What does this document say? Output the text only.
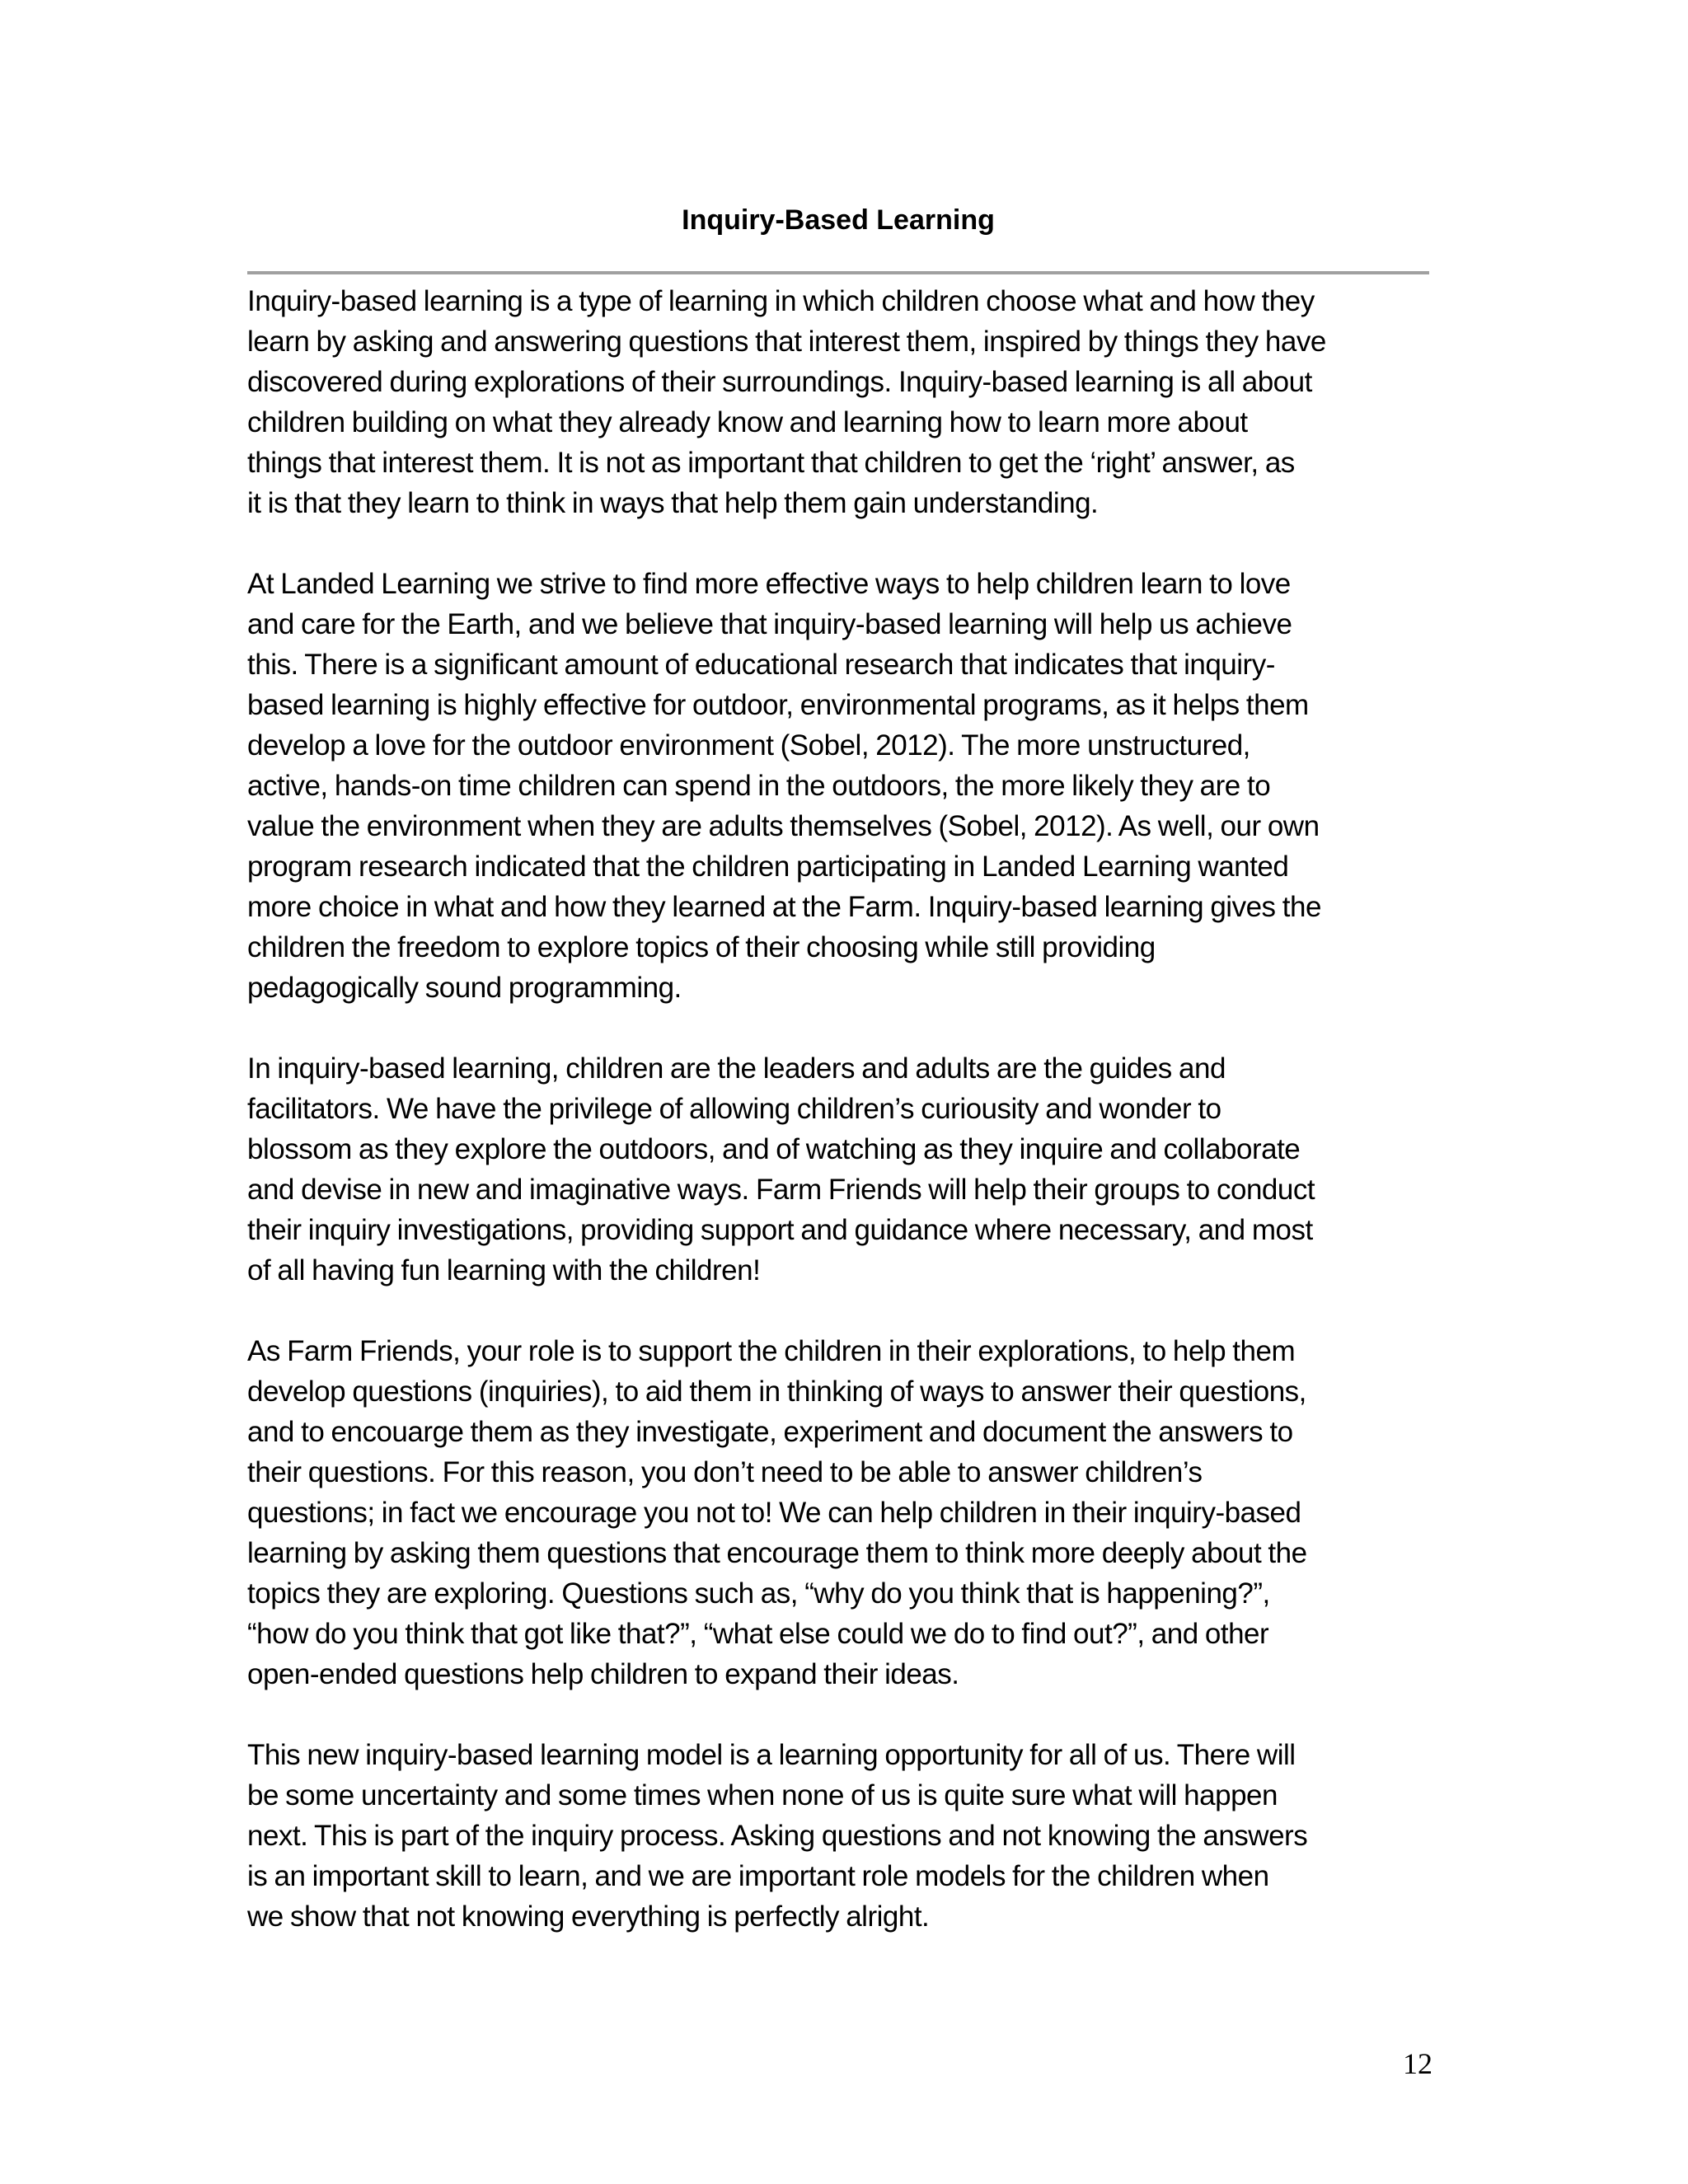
Inquiry-Based Learning

Inquiry-based learning is a type of learning in which children choose what and how they
learn by asking and answering questions that interest them, inspired by things they have
discovered during explorations of their surroundings. Inquiry-based learning is all about
children building on what they already know and learning how to learn more about
things that interest them. It is not as important that children to get the ‘right’ answer, as
it is that they learn to think in ways that help them gain understanding.

At Landed Learning we strive to find more effective ways to help children learn to love
and care for the Earth, and we believe that inquiry-based learning will help us achieve
this. There is a significant amount of educational research that indicates that inquiry-
based learning is highly effective for outdoor, environmental programs, as it helps them
develop a love for the outdoor environment (Sobel, 2012). The more unstructured,
active, hands-on time children can spend in the outdoors, the more likely they are to
value the environment when they are adults themselves (Sobel, 2012). As well, our own
program research indicated that the children participating in Landed Learning wanted
more choice in what and how they learned at the Farm. Inquiry-based learning gives the
children the freedom to explore topics of their choosing while still providing
pedagogically sound programming.

In inquiry-based learning, children are the leaders and adults are the guides and
facilitators. We have the privilege of allowing children’s curiousity and wonder to
blossom as they explore the outdoors, and of watching as they inquire and collaborate
and devise in new and imaginative ways. Farm Friends will help their groups to conduct
their inquiry investigations, providing support and guidance where necessary, and most
of all having fun learning with the children!

As Farm Friends, your role is to support the children in their explorations, to help them
develop questions (inquiries), to aid them in thinking of ways to answer their questions,
and to encouarge them as they investigate, experiment and document the answers to
their questions. For this reason, you don’t need to be able to answer children’s
questions; in fact we encourage you not to! We can help children in their inquiry-based
learning by asking them questions that encourage them to think more deeply about the
topics they are exploring. Questions such as, “why do you think that is happening?”,
“how do you think that got like that?”, “what else could we do to find out?”, and other
open-ended questions help children to expand their ideas.

This new inquiry-based learning model is a learning opportunity for all of us. There will
be some uncertainty and some times when none of us is quite sure what will happen
next. This is part of the inquiry process. Asking questions and not knowing the answers
is an important skill to learn, and we are important role models for the children when
we show that not knowing everything is perfectly alright.

12
